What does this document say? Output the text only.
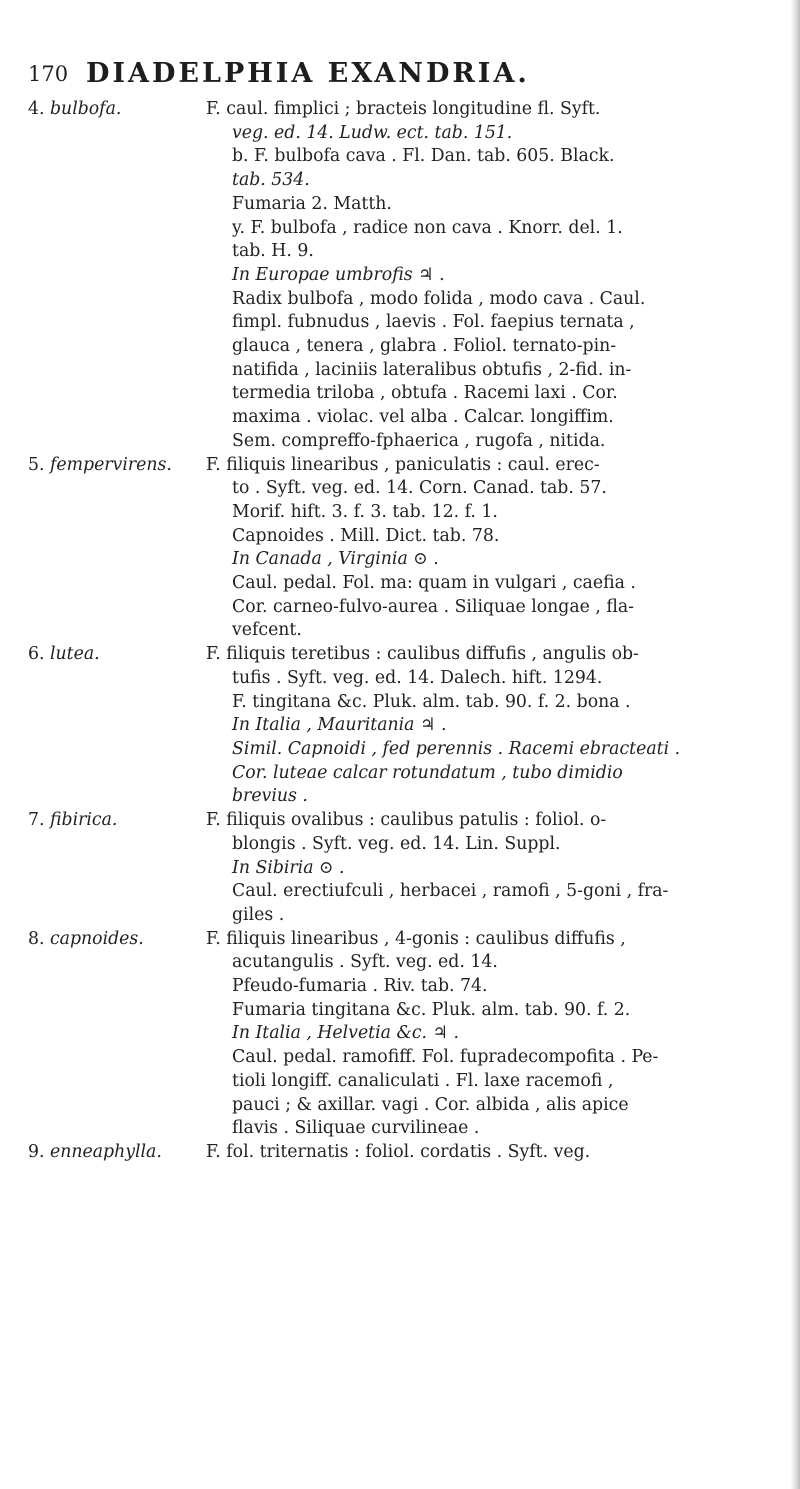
170 DIADELPHIA EXANDRIA.
4. bulbofa.	F. caul. fimplici ; bracteis longitudine fl. Syft.
veg. ed. 14. Ludw. ect. tab. 151.
b. F. bulbofa cava . Fl. Dan. tab. 605. Black.
tab. 534.
Fumaria 2. Matth.
y. F. bulbofa , radice non cava . Knorr. del. 1.
tab. H. 9.
In Europae umbrofis ♃ .
Radix bulbofa , modo folida , modo cava . Caul.
fimpl. fubnudus , laevis . Fol. faepius ternata ,
glauca , tenera , glabra . Foliol. ternato-pin-
natifida , laciniis lateralibus obtufis , 2-fid. in-
termedia triloba , obtufa . Racemi laxi . Cor.
maxima . violac. vel alba . Calcar. longiffim.
Sem. compreffo-fphaerica , rugofa , nitida.
5. fempervirens.	F. filiquis linearibus , paniculatis : caul. erec-
to . Syft. veg. ed. 14. Corn. Canad. tab. 57.
Morif. hift. 3. f. 3. tab. 12. f. 1.
Capnoides . Mill. Dict. tab. 78.
In Canada , Virginia ⊙ .
Caul. pedal. Fol. ma: quam in vulgari , caefia .
Cor. carneo-fulvo-aurea . Siliquae longae , fla-
vefcent.
6. lutea.	F. filiquis teretibus : caulibus diffufis , angulis ob-
tufis . Syft. veg. ed. 14. Dalech. hift. 1294.
F. tingitana &c. Pluk. alm. tab. 90. f. 2. bona .
In Italia , Mauritania ♃ .
Simil. Capnoidi , fed perennis . Racemi ebracteati .
Cor. luteae calcar rotundatum , tubo dimidio
brevius .
7. fibirica.	F. filiquis ovalibus : caulibus patulis : foliol. o-
blongis . Syft. veg. ed. 14. Lin. Suppl.
In Sibiria ⊙ .
Caul. erectiufculi , herbacei , ramofi , 5-goni , fra-
giles .
8. capnoides.	F. filiquis linearibus , 4-gonis : caulibus diffufis ,
acutangulis . Syft. veg. ed. 14.
Pfeudo-fumaria . Riv. tab. 74.
Fumaria tingitana &c. Pluk. alm. tab. 90. f. 2.
In Italia , Helvetia &c. ♃ .
Caul. pedal. ramofiff. Fol. fupradecompofita . Pe-
tioli longiff. canaliculati . Fl. laxe racemofi ,
pauci ; & axillar. vagi . Cor. albida , alis apice
flavis . Siliquae curvilineae .
9. enneaphylla.	F. fol. triternatis : foliol. cordatis . Syft. veg.
